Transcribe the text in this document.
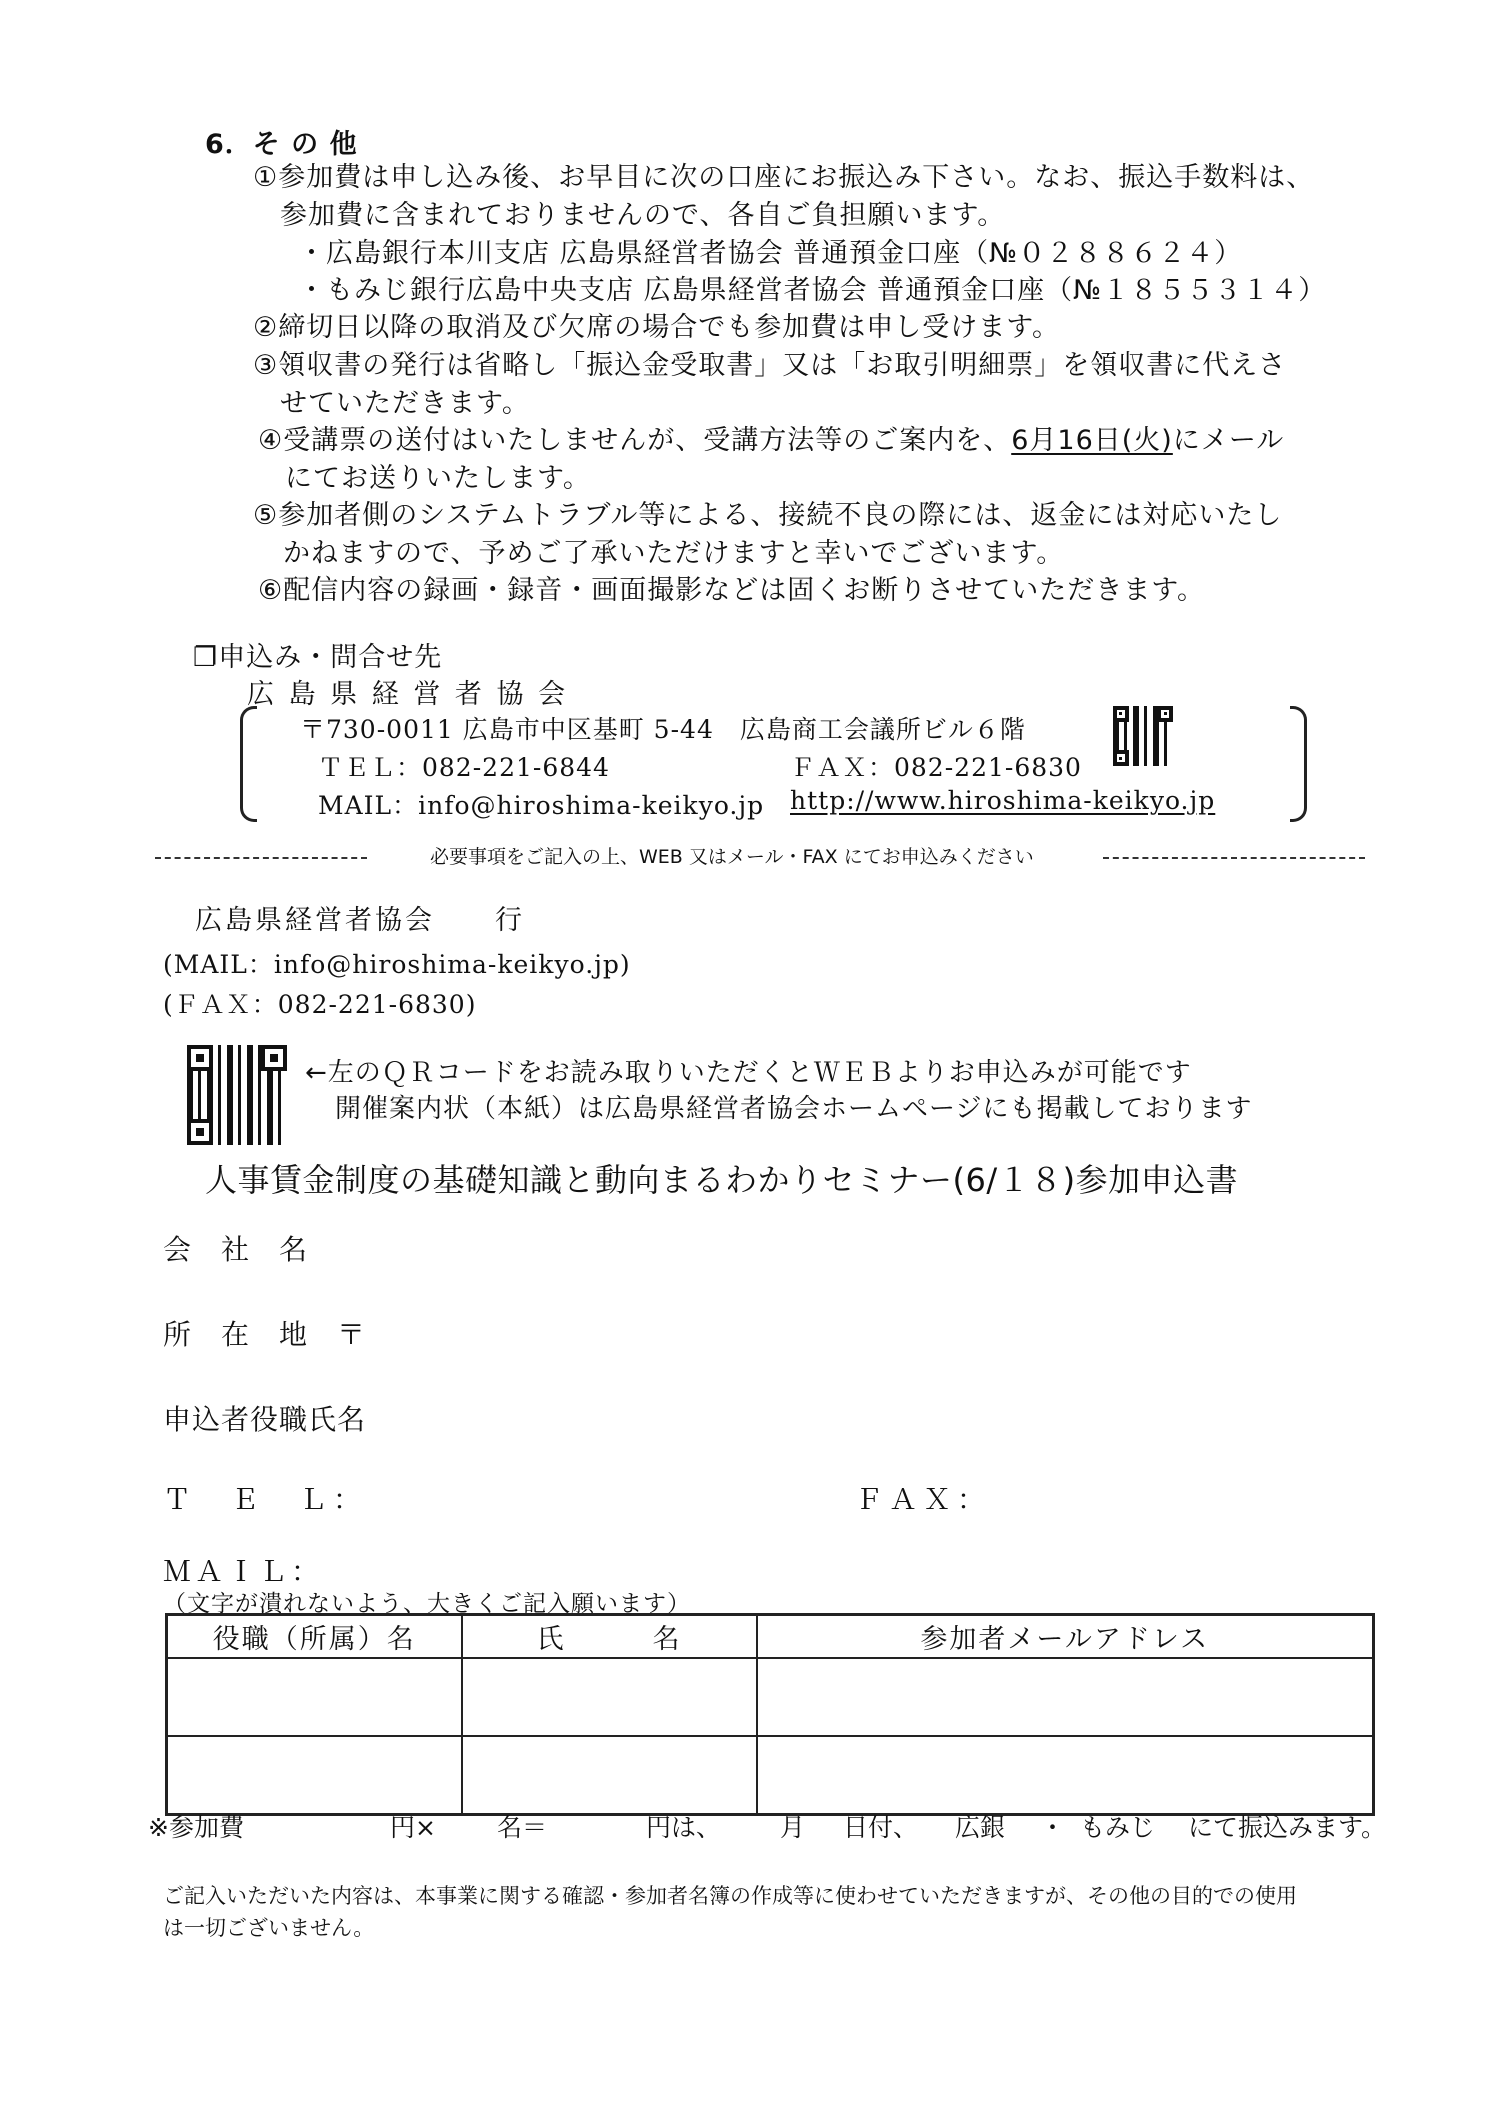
6．そ の 他
①参加費は申し込み後、お早目に次の口座にお振込み下さい。なお、振込手数料は、
参加費に含まれておりませんので、各自ご負担願います。
・広島銀行本川支店 広島県経営者協会 普通預金口座（№０２８８６２４）
・もみじ銀行広島中央支店 広島県経営者協会 普通預金口座（№１８５５３１４）
②締切日以降の取消及び欠席の場合でも参加費は申し受けます。
③領収書の発行は省略し「振込金受取書」又は「お取引明細票」を領収書に代えさ
せていただきます。
④受講票の送付はいたしませんが、受講方法等のご案内を、6月16日(火)にメール
にてお送りいたします。
⑤参加者側のシステムトラブル等による、接続不良の際には、返金には対応いたし
かねますので、予めご了承いただけますと幸いでございます。
⑥配信内容の録画・録音・画面撮影などは固くお断りさせていただきます。
❐申込み・問合せ先
広 島 県 経 営 者 協 会
〒730-0011 広島市中区基町 5-44　広島商工会議所ビル６階
ＴＥＬ：082-221-6844	ＦＡＸ：082-221-6830
MAIL：info@hiroshima-keikyo.jp http://www.hiroshima-keikyo.jp
必要事項をご記入の上、WEB 又はメール・FAX にてお申込みください
広島県経営者協会　　行
(MAIL：info@hiroshima-keikyo.jp)
(ＦＡＸ：082-221-6830)
←左のＱＲコードをお読み取りいただくとＷＥＢよりお申込みが可能です
開催案内状（本紙）は広島県経営者協会ホームページにも掲載しております
人事賃金制度の基礎知識と動向まるわかりセミナー(6/１８)参加申込書
会　社　名
所　在　地　〒
申込者役職氏名
Ｔ　Ｅ　Ｌ：	ＦＡＸ：
ＭＡＩＬ：
（文字が潰れないよう、大きくご記入願います）
役職（所属）名	氏　　　名	参加者メールアドレス

※参加費	円× 名＝	円は、 月 日付、 広銀 ・ もみじ にて振込みます。
ご記入いただいた内容は、本事業に関する確認・参加者名簿の作成等に使わせていただきますが、その他の目的での使用
は一切ございません。
